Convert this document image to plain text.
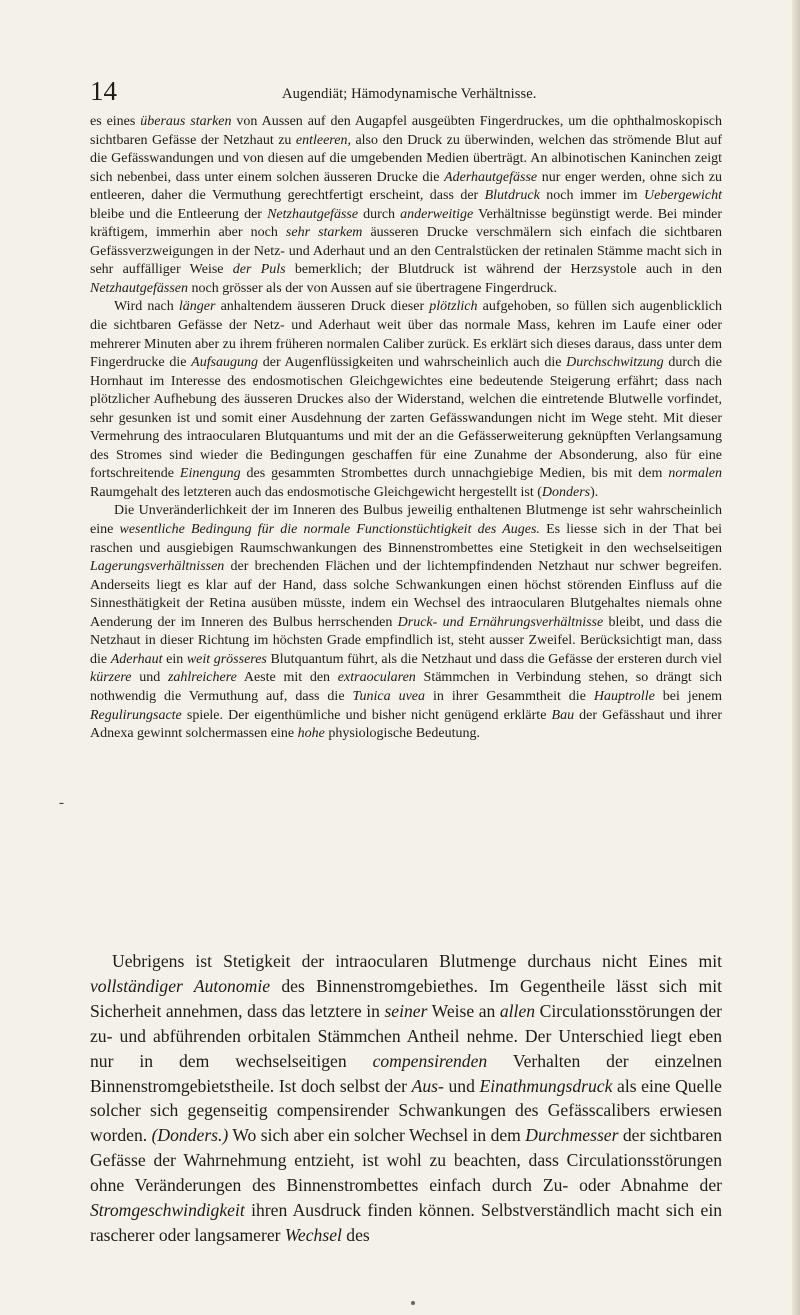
14	Augendiät; Hämodynamische Verhältnisse.
-

es eines überaus starken von Aussen auf den Augapfel ausgeübten Fingerdruckes, um die ophthalmoskopisch sichtbaren Gefässe der Netzhaut zu entleeren, also den Druck zu überwinden, welchen das strömende Blut auf die Gefässwandungen und von diesen auf die umgebenden Medien überträgt. An albinotischen Kaninchen zeigt sich nebenbei, dass unter einem solchen äusseren Drucke die Aderhautgefässe nur enger werden, ohne sich zu entleeren, daher die Vermuthung gerechtfertigt erscheint, dass der Blutdruck noch immer im Uebergewicht bleibe und die Entleerung der Netzhautgefässe durch anderweitige Verhältnisse begünstigt werde. Bei minder kräftigem, immerhin aber noch sehr starkem äusseren Drucke verschmälern sich einfach die sichtbaren Gefässverzweigungen in der Netz- und Aderhaut und an den Centralstücken der retinalen Stämme macht sich in sehr auffälliger Weise der Puls bemerklich; der Blutdruck ist während der Herzsystole auch in den Netzhautgefässen noch grösser als der von Aussen auf sie übertragene Fingerdruck.

Wird nach länger anhaltendem äusseren Druck dieser plötzlich aufgehoben, so füllen sich augenblicklich die sichtbaren Gefässe der Netz- und Aderhaut weit über das normale Mass, kehren im Laufe einer oder mehrerer Minuten aber zu ihrem früheren normalen Caliber zurück. Es erklärt sich dieses daraus, dass unter dem Fingerdrucke die Aufsaugung der Augenflüssigkeiten und wahrscheinlich auch die Durchschwitzung durch die Hornhaut im Interesse des endosmotischen Gleichgewichtes eine bedeutende Steigerung erfährt; dass nach plötzlicher Aufhebung des äusseren Druckes also der Widerstand, welchen die eintretende Blutwelle vorfindet, sehr gesunken ist und somit einer Ausdehnung der zarten Gefässwandungen nicht im Wege steht. Mit dieser Vermehrung des intraocularen Blutquantums und mit der an die Gefässerweiterung geknüpften Verlangsamung des Stromes sind wieder die Bedingungen geschaffen für eine Zunahme der Absonderung, also für eine fortschreitende Einengung des gesammten Strombettes durch unnachgiebige Medien, bis mit dem normalen Raumgehalt des letzteren auch das endosmotische Gleichgewicht hergestellt ist (Donders).

Die Unveränderlichkeit der im Inneren des Bulbus jeweilig enthaltenen Blutmenge ist sehr wahrscheinlich eine wesentliche Bedingung für die normale Functionstüchtigkeit des Auges. Es liesse sich in der That bei raschen und ausgiebigen Raumschwankungen des Binnenstrombettes eine Stetigkeit in den wechselseitigen Lagerungsverhältnissen der brechenden Flächen und der lichtempfindenden Netzhaut nur schwer begreifen. Anderseits liegt es klar auf der Hand, dass solche Schwankungen einen höchst störenden Einfluss auf die Sinnesthätigkeit der Retina ausüben müsste, indem ein Wechsel des intraocularen Blutgehaltes niemals ohne Aenderung der im Inneren des Bulbus herrschenden Druck- und Ernährungsverhältnisse bleibt, und dass die Netzhaut in dieser Richtung im höchsten Grade empfindlich ist, steht ausser Zweifel. Berücksichtigt man, dass die Aderhaut ein weit grösseres Blutquantum führt, als die Netzhaut und dass die Gefässe der ersteren durch viel kürzere und zahlreichere Aeste mit den extraocularen Stämmchen in Verbindung stehen, so drängt sich nothwendig die Vermuthung auf, dass die Tunica uvea in ihrer Gesammtheit die Hauptrolle bei jenem Regulirungsacte spiele. Der eigenthümliche und bisher nicht genügend erklärte Bau der Gefässhaut und ihrer Adnexa gewinnt solchermassen eine hohe physiologische Bedeutung.

Uebrigens ist Stetigkeit der intraocularen Blutmenge durchaus nicht Eines mit vollständiger Autonomie des Binnenstromgebiethes. Im Gegentheile lässt sich mit Sicherheit annehmen, dass das letztere in seiner Weise an allen Circulationsstörungen der zu- und abführenden orbitalen Stämmchen Antheil nehme. Der Unterschied liegt eben nur in dem wechselseitigen compensirenden Verhalten der einzelnen Binnenstromgebietstheile. Ist doch selbst der Aus- und Einathmungsdruck als eine Quelle solcher sich gegenseitig compensirender Schwankungen des Gefässcalibers erwiesen worden. (Donders.) Wo sich aber ein solcher Wechsel in dem Durchmesser der sichtbaren Gefässe der Wahrnehmung entzieht, ist wohl zu beachten, dass Circulationsstörungen ohne Veränderungen des Binnenstrombettes einfach durch Zu- oder Abnahme der Stromgeschwindigkeit ihren Ausdruck finden können. Selbstverständlich macht sich ein rascherer oder langsamerer Wechsel des
